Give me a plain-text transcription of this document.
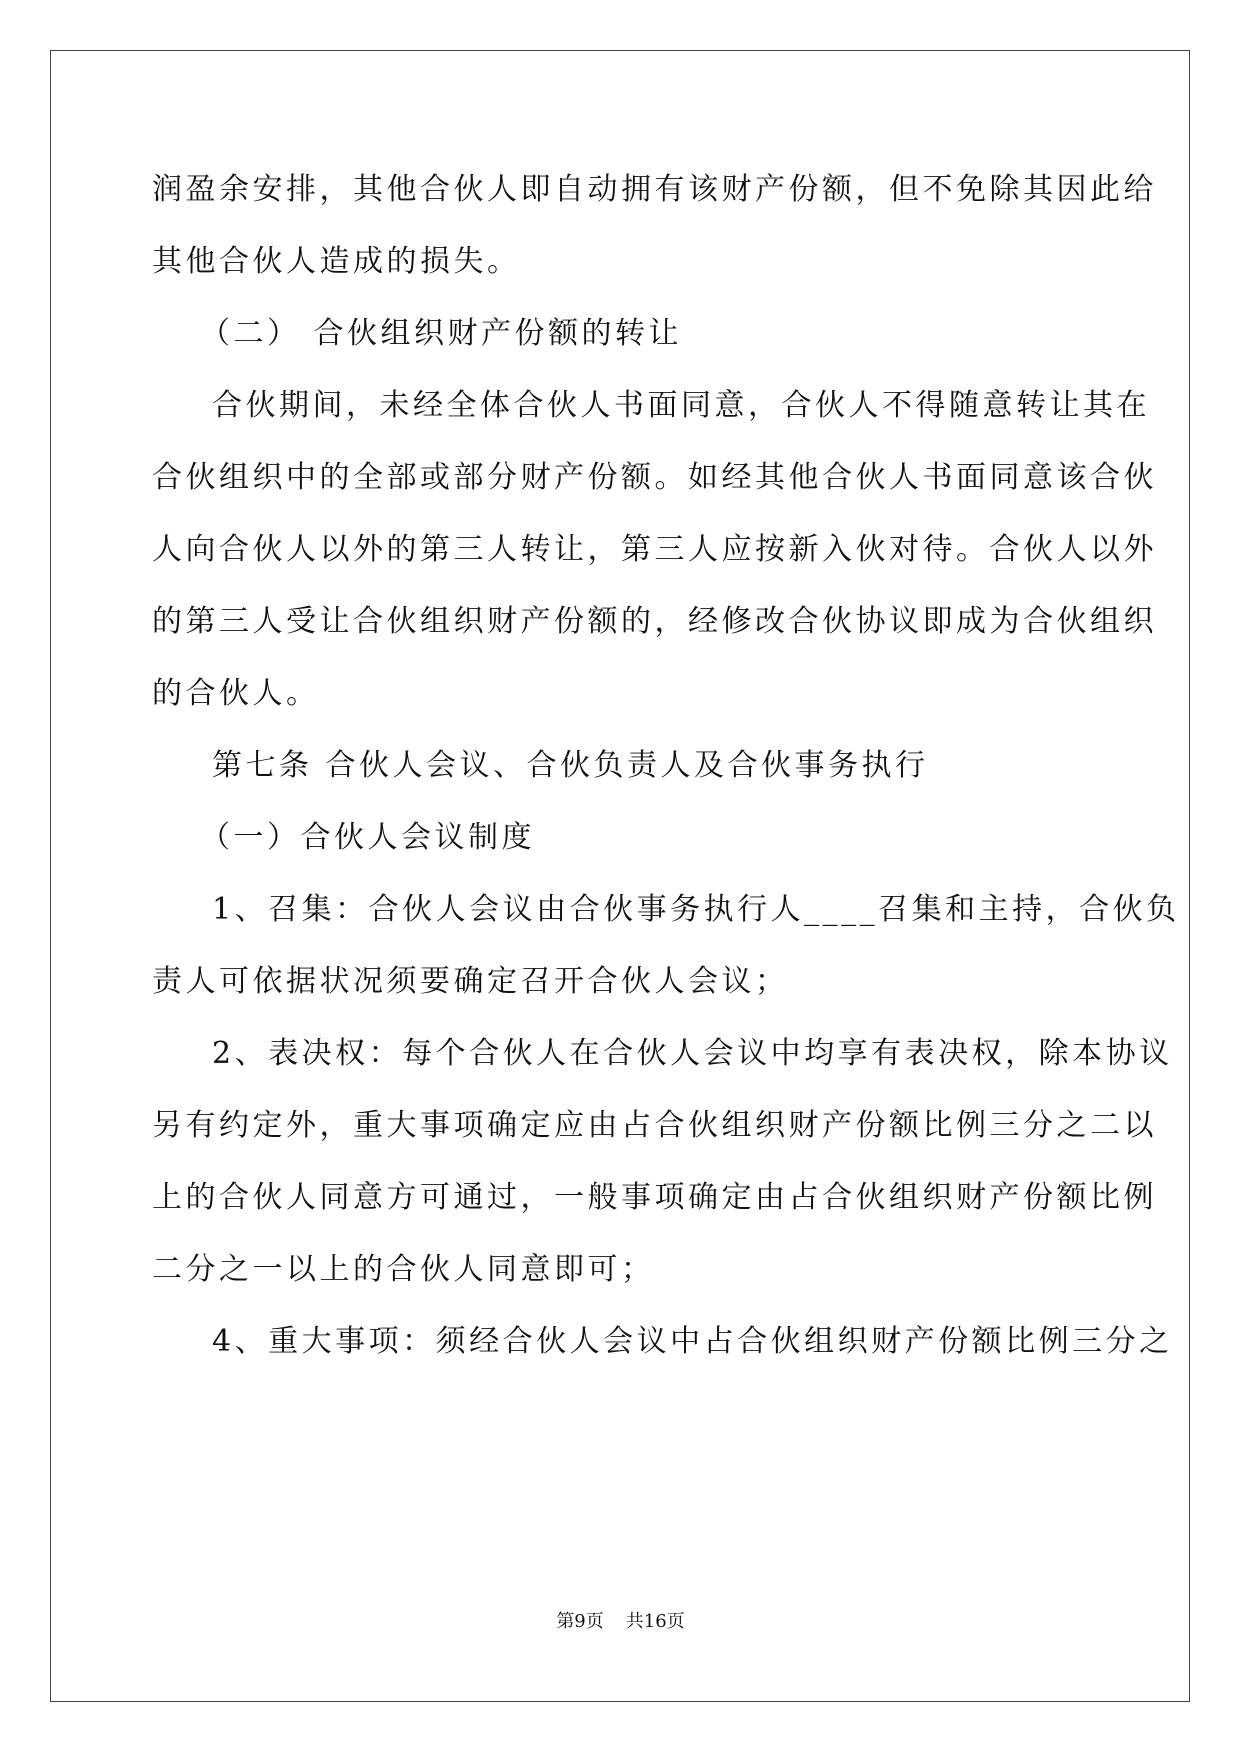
润盈余安排，其他合伙人即自动拥有该财产份额，但不免除其因此给
其他合伙人造成的损失。
（二） 合伙组织财产份额的转让
合伙期间，未经全体合伙人书面同意，合伙人不得随意转让其在
合伙组织中的全部或部分财产份额。如经其他合伙人书面同意该合伙
人向合伙人以外的第三人转让，第三人应按新入伙对待。合伙人以外
的第三人受让合伙组织财产份额的，经修改合伙协议即成为合伙组织
的合伙人。
第七条 合伙人会议、合伙负责人及合伙事务执行
（一）合伙人会议制度
1、召集：合伙人会议由合伙事务执行人____召集和主持，合伙负
责人可依据状况须要确定召开合伙人会议；
2、表决权：每个合伙人在合伙人会议中均享有表决权，除本协议
另有约定外，重大事项确定应由占合伙组织财产份额比例三分之二以
上的合伙人同意方可通过，一般事项确定由占合伙组织财产份额比例
二分之一以上的合伙人同意即可；
4、重大事项：须经合伙人会议中占合伙组织财产份额比例三分之
第9页 共16页
